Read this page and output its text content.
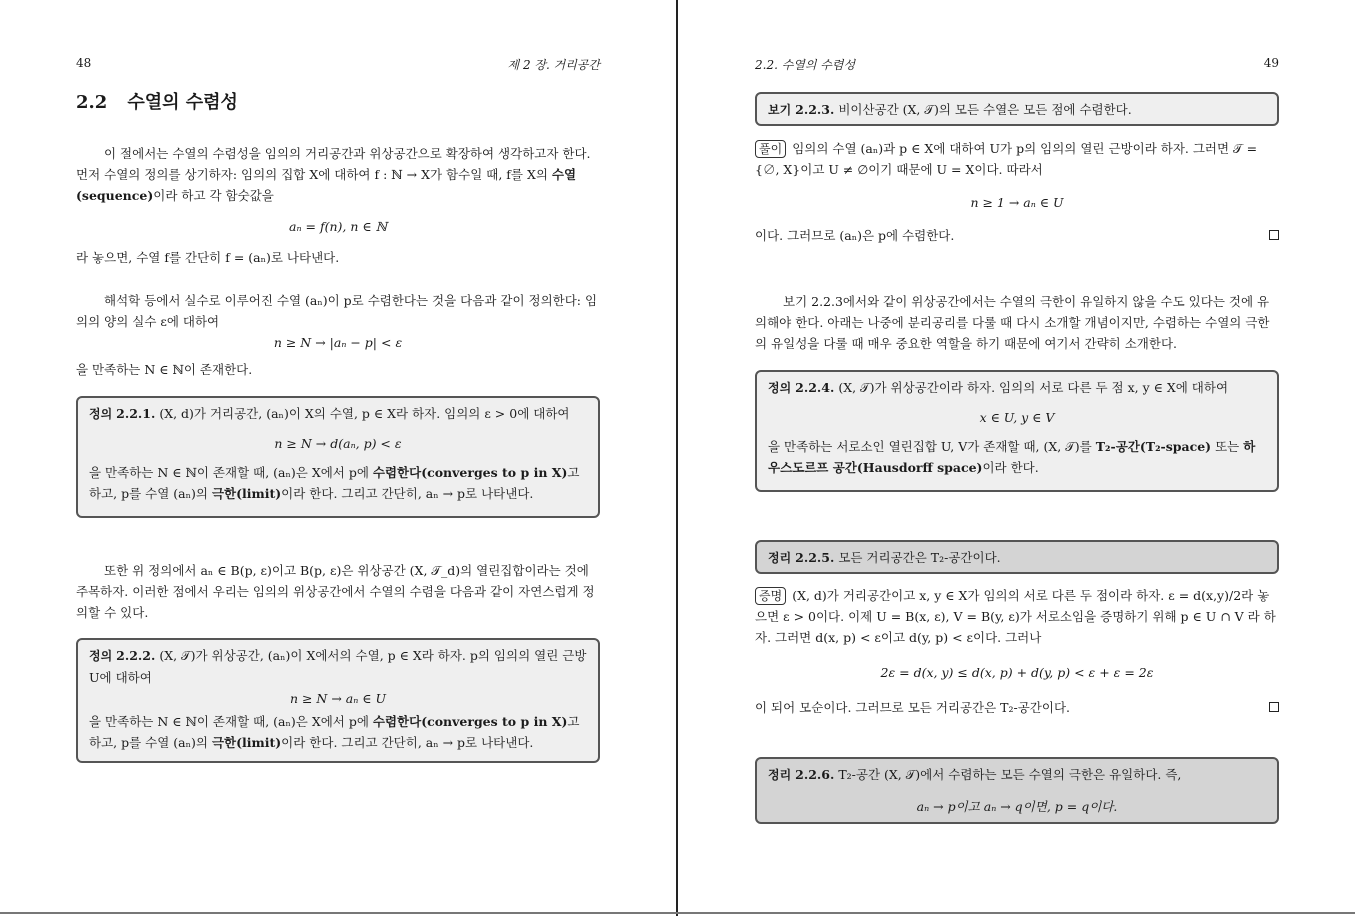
48	제 2 장. 거리공간
2.2 수열의 수렴성

이 절에서는 수열의 수렴성을 임의의 거리공간과 위상공간으로 확장하여 생각하고자 한다. 먼저 수열의 정의를 상기하자: 임의의 집합 X에 대하여 f : ℕ → X가 함수일 때, f를 X의 수열(sequence)이라 하고 각 함숫값을

aₙ = f(n), n ∈ ℕ

라 놓으면, 수열 f를 간단히 f = (aₙ)로 나타낸다.

해석학 등에서 실수로 이루어진 수열 (aₙ)이 p로 수렴한다는 것을 다음과 같이 정의한다: 임의의 양의 실수 ε에 대하여

n ≥ N → |aₙ − p| < ε

을 만족하는 N ∈ ℕ이 존재한다.

정의 2.2.1. (X, d)가 거리공간, (aₙ)이 X의 수열, p ∈ X라 하자. 임의의 ε > 0에 대하여

n ≥ N → d(aₙ, p) < ε

을 만족하는 N ∈ ℕ이 존재할 때, (aₙ)은 X에서 p에 수렴한다(converges to p in X)고 하고, p를 수열 (aₙ)의 극한(limit)이라 한다. 그리고 간단히, aₙ → p로 나타낸다.

또한 위 정의에서 aₙ ∈ B(p, ε)이고 B(p, ε)은 위상공간 (X, 𝒯_d)의 열린집합이라는 것에 주목하자. 이러한 점에서 우리는 임의의 위상공간에서 수열의 수렴을 다음과 같이 자연스럽게 정의할 수 있다.

정의 2.2.2. (X, 𝒯)가 위상공간, (aₙ)이 X에서의 수열, p ∈ X라 하자. p의 임의의 열린 근방 U에 대하여

n ≥ N → aₙ ∈ U

을 만족하는 N ∈ ℕ이 존재할 때, (aₙ)은 X에서 p에 수렴한다(converges to p in X)고 하고, p를 수열 (aₙ)의 극한(limit)이라 한다. 그리고 간단히, aₙ → p로 나타낸다.

2.2. 수열의 수렴성	49

보기 2.2.3. 비이산공간 (X, 𝒯)의 모든 수열은 모든 점에 수렴한다.

풀이 임의의 수열 (aₙ)과 p ∈ X에 대하여 U가 p의 임의의 열린 근방이라 하자. 그러면 𝒯 = {∅, X}이고 U ≠ ∅이기 때문에 U = X이다. 따라서

n ≥ 1 → aₙ ∈ U

이다. 그러므로 (aₙ)은 p에 수렴한다.

보기 2.2.3에서와 같이 위상공간에서는 수열의 극한이 유일하지 않을 수도 있다는 것에 유의해야 한다. 아래는 나중에 분리공리를 다룰 때 다시 소개할 개념이지만, 수렴하는 수열의 극한의 유일성을 다룰 때 매우 중요한 역할을 하기 때문에 여기서 간략히 소개한다.

정의 2.2.4. (X, 𝒯)가 위상공간이라 하자. 임의의 서로 다른 두 점 x, y ∈ X에 대하여

x ∈ U, y ∈ V

을 만족하는 서로소인 열린집합 U, V가 존재할 때, (X, 𝒯)를 T₂-공간(T₂-space) 또는 하우스도르프 공간(Hausdorff space)이라 한다.

정리 2.2.5. 모든 거리공간은 T₂-공간이다.

증명 (X, d)가 거리공간이고 x, y ∈ X가 임의의 서로 다른 두 점이라 하자. ε = d(x,y)/2라 놓으면 ε > 0이다. 이제 U = B(x, ε), V = B(y, ε)가 서로소임을 증명하기 위해 p ∈ U ∩ V 라 하자. 그러면 d(x, p) < ε이고 d(y, p) < ε이다. 그러나

2ε = d(x, y) ≤ d(x, p) + d(y, p) < ε + ε = 2ε

이 되어 모순이다. 그러므로 모든 거리공간은 T₂-공간이다.

정리 2.2.6. T₂-공간 (X, 𝒯)에서 수렴하는 모든 수열의 극한은 유일하다. 즉,

aₙ → p이고 aₙ → q이면, p = q이다.
